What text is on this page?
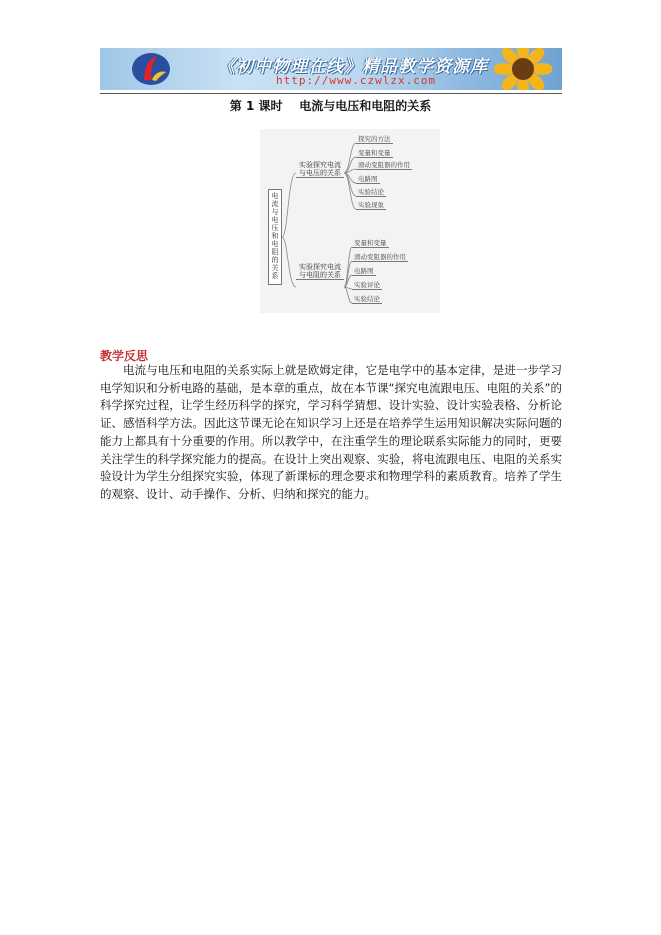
《初中物理在线》精品教学资源库
http://www.czwlzx.com
第 1 课时    电流与电压和电阻的关系
电流与电压和电阻的关系
实验探究电流与电压的关系
探究的方法
变量和变量
滑动变阻器的作用
电路图
实验结论
实验现象
实验探究电流与电阻的关系
变量和变量
滑动变阻器的作用
电路图
实验评论
实验结论
教学反思
电流与电压和电阻的关系实际上就是欧姆定律，它是电学中的基本定律，是进一步学习电学知识和分析电路的基础，是本章的重点，故在本节课“探究电流跟电压、电阻的关系”的科学探究过程，让学生经历科学的探究，学习科学猜想、设计实验、设计实验表格、分析论证、感悟科学方法。因此这节课无论在知识学习上还是在培养学生运用知识解决实际问题的能力上都具有十分重要的作用。所以教学中，在注重学生的理论联系实际能力的同时，更要关注学生的科学探究能力的提高。在设计上突出观察、实验，将电流跟电压、电阻的关系实验设计为学生分组探究实验，体现了新课标的理念要求和物理学科的素质教育。培养了学生的观察、设计、动手操作、分析、归纳和探究的能力。
